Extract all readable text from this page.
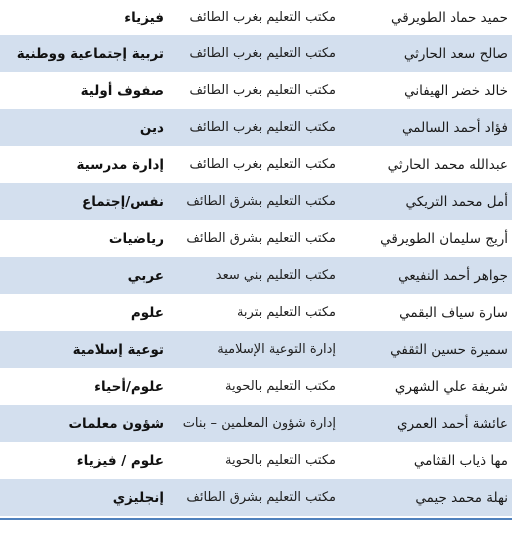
حميد حماد الطويرقي
مكتب التعليم بغرب الطائف
فيزياء
صالح سعد الحارثي
مكتب التعليم بغرب الطائف
تربية إجتماعية ووطنية
خالد خضر الهيفاني
مكتب التعليم بغرب الطائف
صفوف أولية
فؤاد أحمد السالمي
مكتب التعليم بغرب الطائف
دين
عبدالله محمد الحارثي
مكتب التعليم بغرب الطائف
إدارة مدرسية
أمل محمد التريكي
مكتب التعليم بشرق الطائف
نفس/إجتماع
أريج سليمان الطويرقي
مكتب التعليم بشرق الطائف
رياضيات
جواهر أحمد النفيعي
مكتب التعليم بني سعد
عربي
سارة سياف البقمي
مكتب التعليم بتربة
علوم
سميرة حسين الثقفي
إدارة التوعية الإسلامية
توعية إسلامية
شريفة علي الشهري
مكتب التعليم بالحوية
علوم/أحياء
عائشة أحمد العمري
إدارة شؤون المعلمين – بنات
شؤون معلمات
مها ذياب القثامي
مكتب التعليم بالحوية
علوم / فيزياء
نهلة محمد جيمي
مكتب التعليم بشرق الطائف
إنجليزي
